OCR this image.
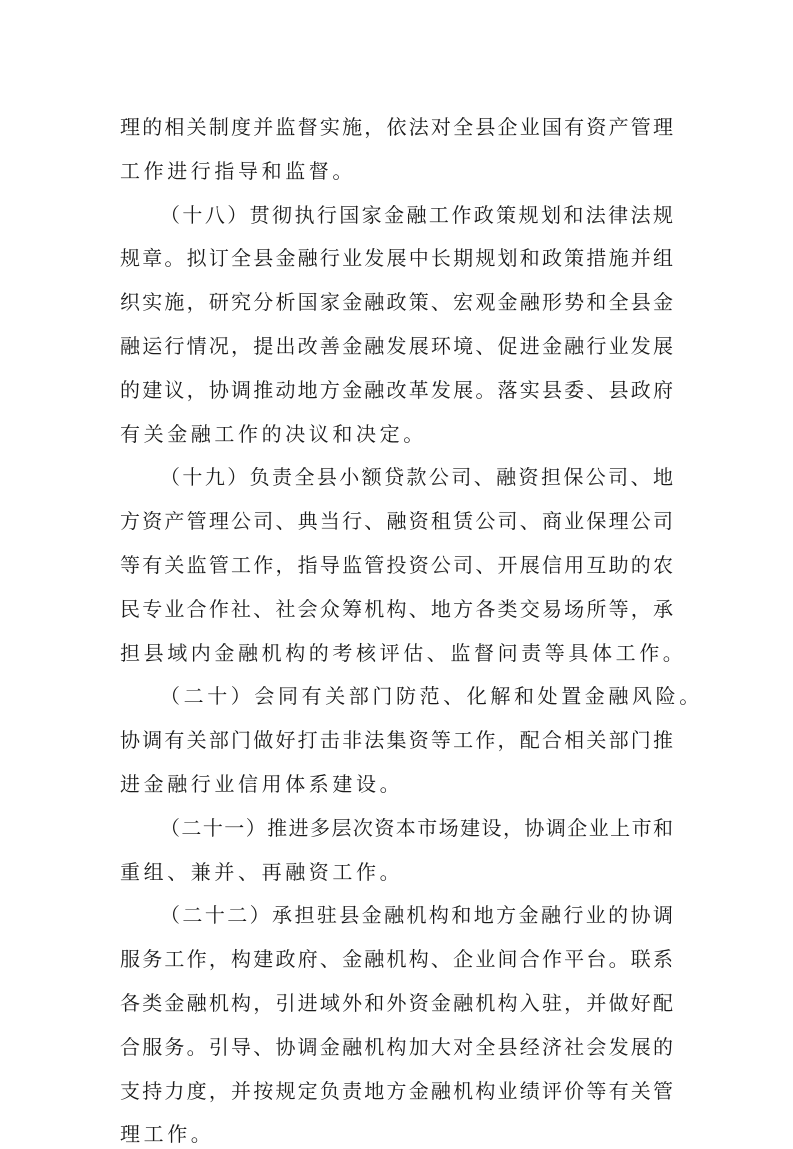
理的相关制度并监督实施，依法对全县企业国有资产管理
工作进行指导和监督。
（十八）贯彻执行国家金融工作政策规划和法律法规
规章。拟订全县金融行业发展中长期规划和政策措施并组
织实施，研究分析国家金融政策、宏观金融形势和全县金
融运行情况，提出改善金融发展环境、促进金融行业发展
的建议，协调推动地方金融改革发展。落实县委、县政府
有关金融工作的决议和决定。
（十九）负责全县小额贷款公司、融资担保公司、地
方资产管理公司、典当行、融资租赁公司、商业保理公司
等有关监管工作，指导监管投资公司、开展信用互助的农
民专业合作社、社会众筹机构、地方各类交易场所等，承
担县域内金融机构的考核评估、监督问责等具体工作。
（二十）会同有关部门防范、化解和处置金融风险。
协调有关部门做好打击非法集资等工作，配合相关部门推
进金融行业信用体系建设。
（二十一）推进多层次资本市场建设，协调企业上市和
重组、兼并、再融资工作。
（二十二）承担驻县金融机构和地方金融行业的协调
服务工作，构建政府、金融机构、企业间合作平台。联系
各类金融机构，引进域外和外资金融机构入驻，并做好配
合服务。引导、协调金融机构加大对全县经济社会发展的
支持力度，并按规定负责地方金融机构业绩评价等有关管
理工作。
